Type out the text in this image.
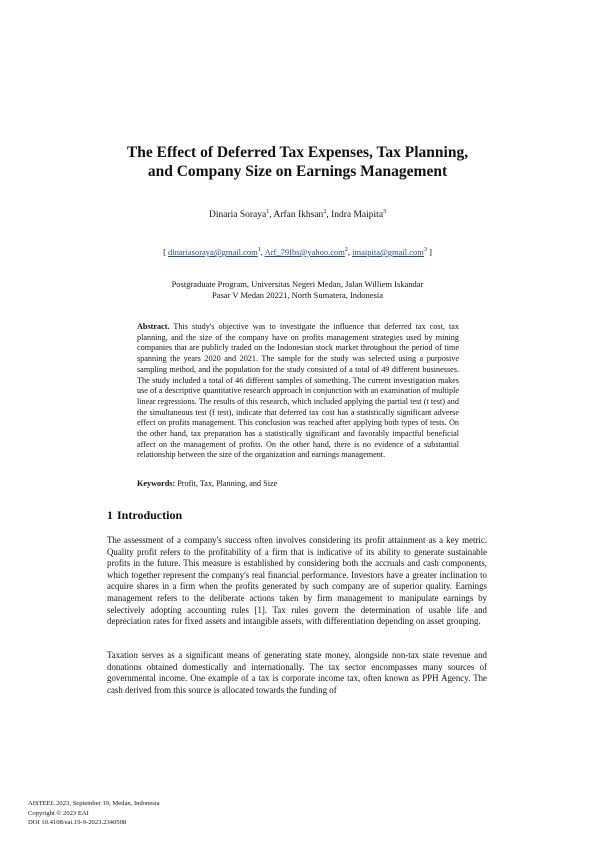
The Effect of Deferred Tax Expenses, Tax Planning,
and Company Size on Earnings Management
Dinaria Soraya$^1$, Arfan Ikhsan$^2$, Indra Maipita$^3$
[ dinariasoraya@gmail.com$^1$, Arf_79Ibs@yahoo.com$^2$, imaipita@gmail.com$^3$ ]
Postgraduate Program, Universitas Negeri Medan, Jalan Williem Iskandar
Pasar V Medan 20221, North Sumatera, Indonesia
Abstract. This study's objective was to investigate the influence that deferred tax cost, tax planning, and the size of the company have on profits management strategies used by mining companies that are publicly traded on the Indonesian stock market throughout the period of time spanning the years 2020 and 2021. The sample for the study was selected using a purposive sampling method, and the population for the study consisted of a total of 49 different businesses. The study included a total of 46 different samples of something. The current investigation makes use of a descriptive quantitative research approach in conjunction with an examination of multiple linear regressions. The results of this research, which included applying the partial test (t test) and the simultaneous test (f test), indicate that deferred tax cost has a statistically significant adverse effect on profits management. This conclusion was reached after applying both types of tests. On the other hand, tax preparation has a statistically significant and favorably impactful beneficial affect on the management of profits. On the other hand, there is no evidence of a substantial relationship between the size of the organization and earnings management.
Keywords: Profit, Tax, Planning, and Size
1 Introduction
The assessment of a company's success often involves considering its profit attainment as a key metric. Quality profit refers to the profitability of a firm that is indicative of its ability to generate sustainable profits in the future. This measure is established by considering both the accruals and cash components, which together represent the company's real financial performance. Investors have a greater inclination to acquire shares in a firm when the profits generated by such company are of superior quality. Earnings management refers to the deliberate actions taken by firm management to manipulate earnings by selectively adopting accounting rules [1]. Tax rules govern the determination of usable life and depreciation rates for fixed assets and intangible assets, with differentiation depending on asset grouping.
Taxation serves as a significant means of generating state money, alongside non-tax state revenue and donations obtained domestically and internationally. The tax sector encompasses many sources of governmental income. One example of a tax is corporate income tax, often known as PPH Agency. The cash derived from this source is allocated towards the funding of
AISTEEL 2023, September 19, Medan, Indonesia
Copyright © 2023 EAI
DOI 10.4108/eai.19-9-2023.2340508
